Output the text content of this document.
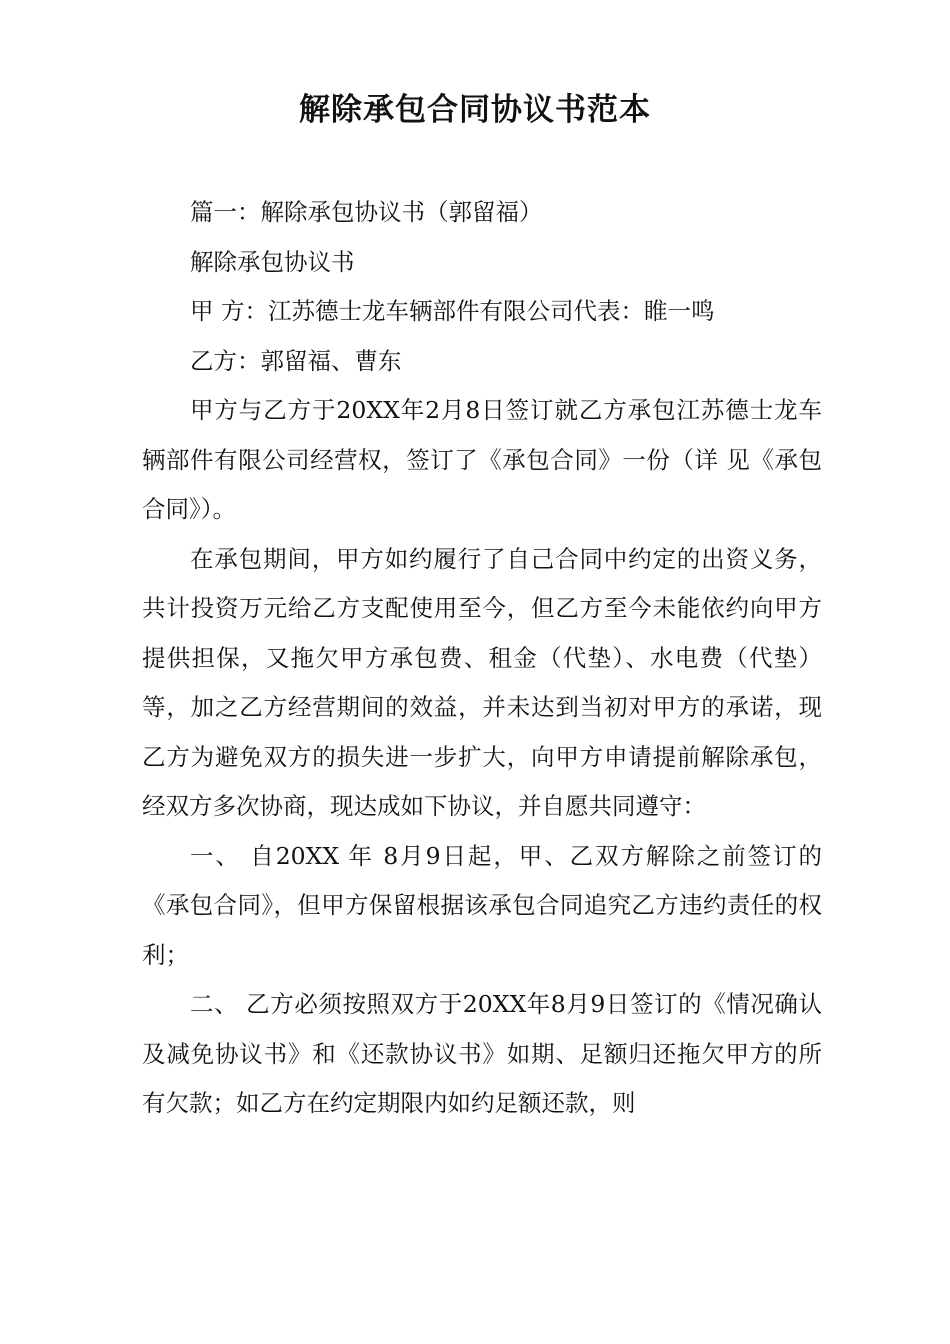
解除承包合同协议书范本

篇一：解除承包协议书（郭留福）

解除承包协议书

甲 方：江苏德士龙车辆部件有限公司代表：睢一鸣

乙方：郭留福、曹东

甲方与乙方于20XX年2月8日签订就乙方承包江苏德士龙车辆部件有限公司经营权，签订了《承包合同》一份（详 见《承包合同》）。

在承包期间，甲方如约履行了自己合同中约定的出资义务，共计投资万元给乙方支配使用至今，但乙方至今未能依约向甲方提供担保，又拖欠甲方承包费、租金（代垫）、水电费（代垫）等，加之乙方经营期间的效益，并未达到当初对甲方的承诺，现乙方为避免双方的损失进一步扩大，向甲方申请提前解除承包，经双方多次协商，现达成如下协议，并自愿共同遵守：

一、 自20XX 年 8月9日起，甲、乙双方解除之前签订的《承包合同》，但甲方保留根据该承包合同追究乙方违约责任的权利；

二、 乙方必须按照双方于20XX年8月9日签订的《情况确认及减免协议书》和《还款协议书》如期、足额归还拖欠甲方的所有欠款；如乙方在约定期限内如约足额还款，则
